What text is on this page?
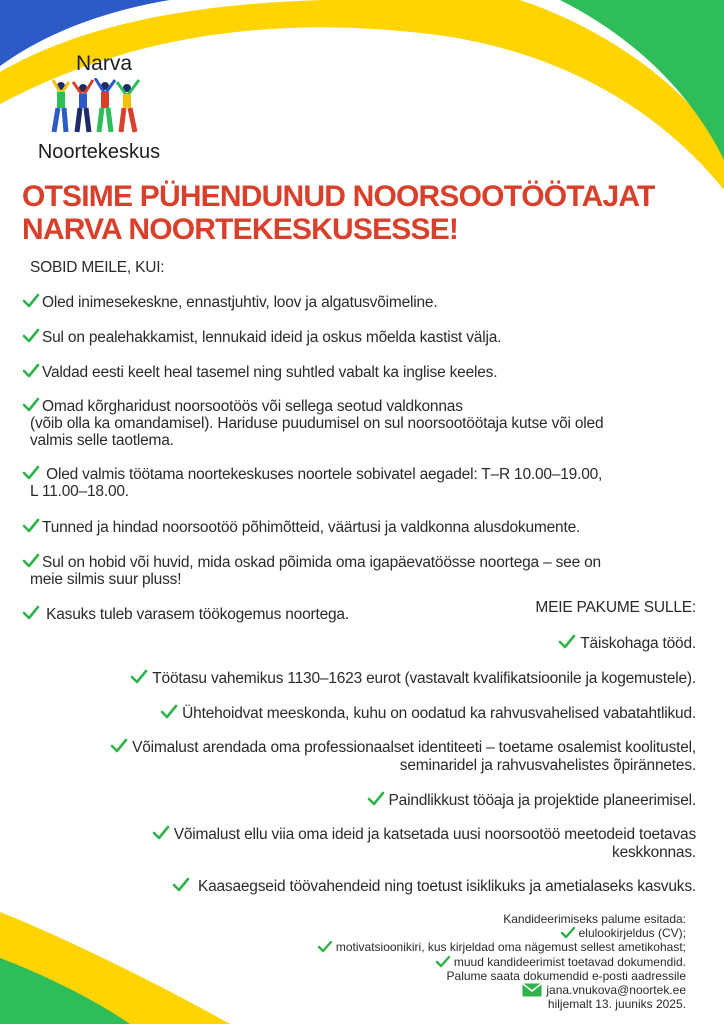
Narva
Noortekeskus
OTSIME PÜHENDUNUD NOORSOOTÖÖTAJAT
NARVA NOORTEKESKUSESSE!
SOBID MEILE, KUI:
Oled inimesekeskne, ennastjuhtiv, loov ja algatusvõimeline.
Sul on pealehakkamist, lennukaid ideid ja oskus mõelda kastist välja.
Valdad eesti keelt heal tasemel ning suhtled vabalt ka inglise keeles.
Omad kõrgharidust noorsootöös või sellega seotud valdkonnas
(võib olla ka omandamisel). Hariduse puudumisel on sul noorsootöötaja kutse või oled
valmis selle taotlema.
Oled valmis töötama noortekeskuses noortele sobivatel aegadel: T–R 10.00–19.00,
L 11.00–18.00.
Tunned ja hindad noorsootöö põhimõtteid, väärtusi ja valdkonna alusdokumente.
Sul on hobid või huvid, mida oskad põimida oma igapäevatöösse noortega – see on
meie silmis suur pluss!
Kasuks tuleb varasem töökogemus noortega.	MEIE PAKUME SULLE:
Täiskohaga tööd.
Töötasu vahemikus 1130–1623 eurot (vastavalt kvalifikatsioonile ja kogemustele).
Ühtehoidvat meeskonda, kuhu on oodatud ka rahvusvahelised vabatahtlikud.
Võimalust arendada oma professionaalset identiteeti – toetame osalemist koolitustel,
seminaridel ja rahvusvahelistes õpirännetes.
Paindlikkust tööaja ja projektide planeerimisel.
Võimalust ellu viia oma ideid ja katsetada uusi noorsootöö meetodeid toetavas
keskkonnas.
Kaasaegseid töövahendeid ning toetust isiklikuks ja ametialaseks kasvuks.
Kandideerimiseks palume esitada:
elulookirjeldus (CV);
motivatsioonikiri, kus kirjeldad oma nägemust sellest ametikohast;
muud kandideerimist toetavad dokumendid.
Palume saata dokumendid e-posti aadressile
jana.vnukova@noortek.ee
hiljemalt 13. juuniks 2025.
